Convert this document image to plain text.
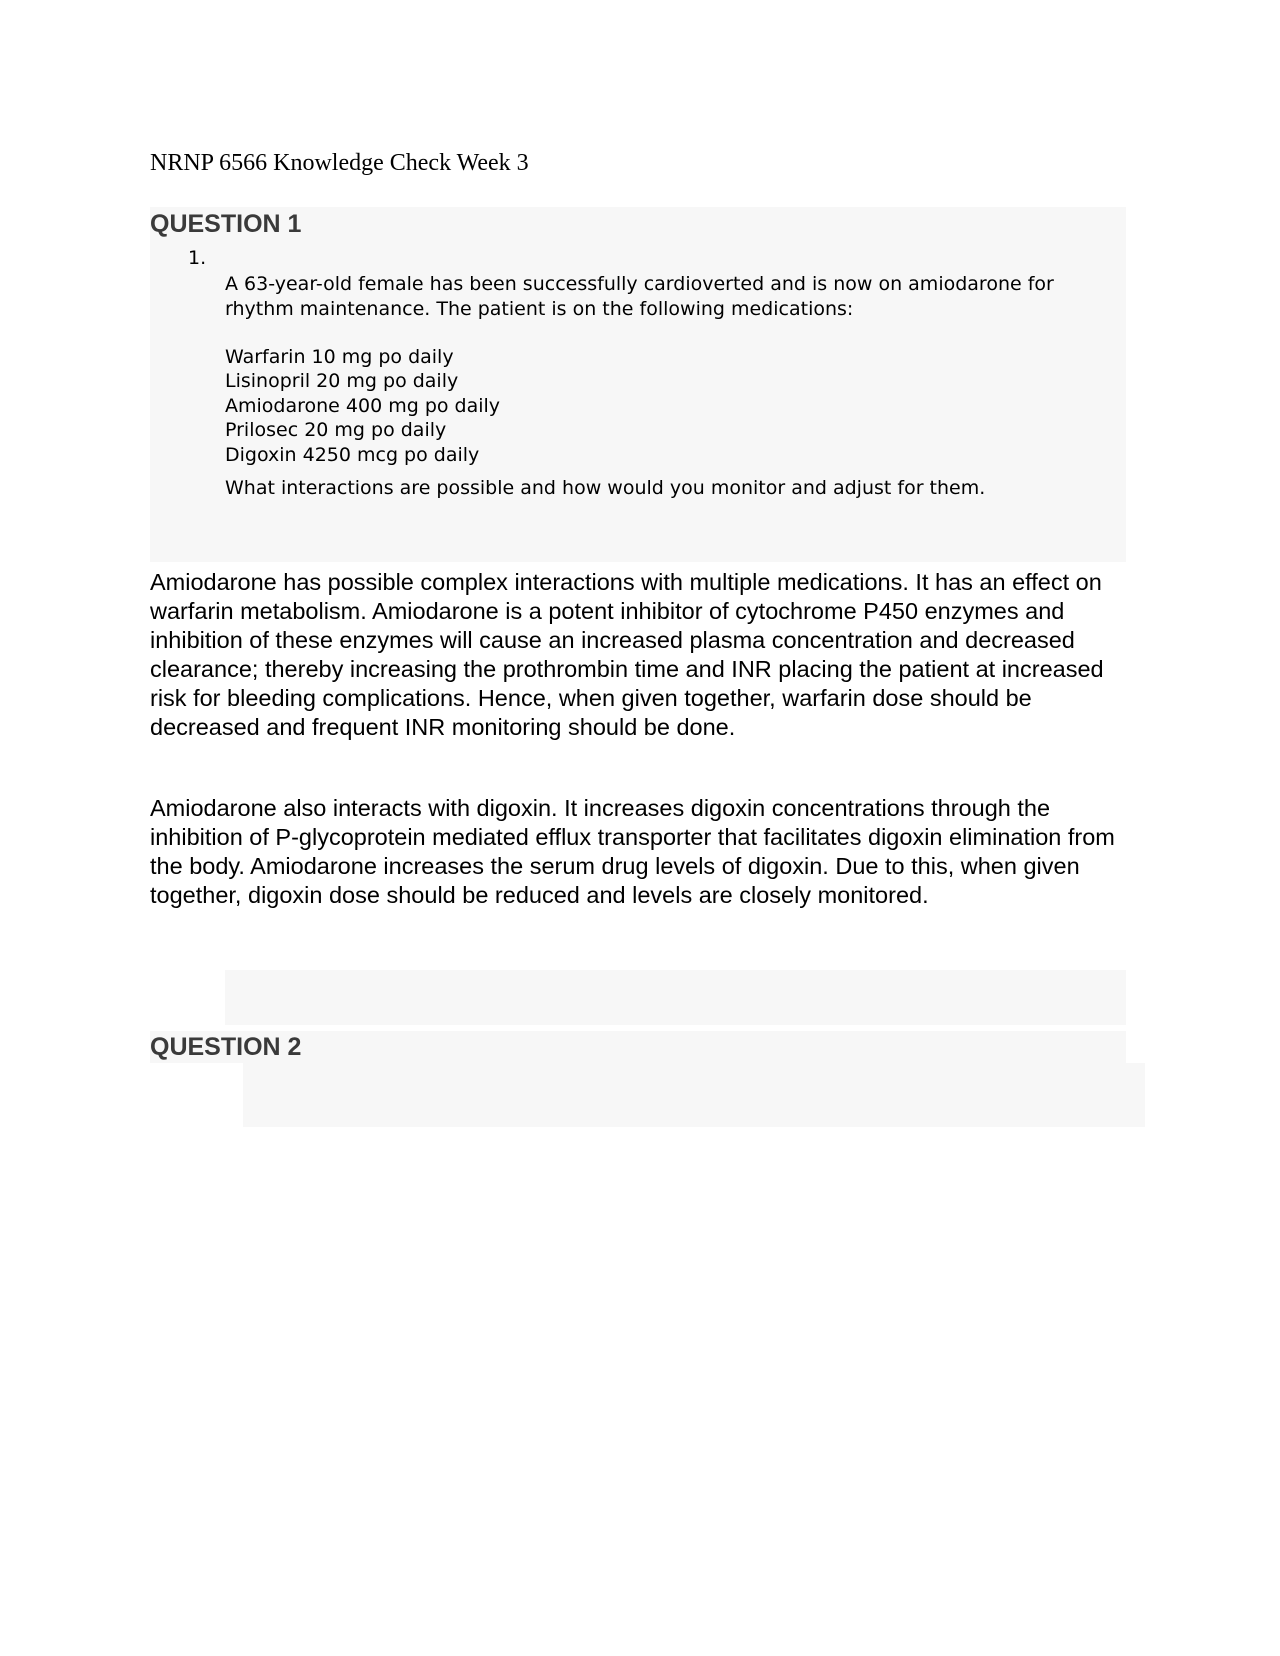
NRNP 6566 Knowledge Check Week 3
QUESTION 1
1.

A 63-year-old female has been successfully cardioverted and is now on amiodarone for rhythm maintenance. The patient is on the following medications:

Warfarin 10 mg po daily
Lisinopril 20 mg po daily
Amiodarone 400 mg po daily
Prilosec 20 mg po daily
Digoxin 4250 mcg po daily

What interactions are possible and how would you monitor and adjust for them.

Amiodarone has possible complex interactions with multiple medications. It has an effect on warfarin metabolism. Amiodarone is a potent inhibitor of cytochrome P450 enzymes and inhibition of these enzymes will cause an increased plasma concentration and decreased clearance; thereby increasing the prothrombin time and INR placing the patient at increased risk for bleeding complications. Hence, when given together, warfarin dose should be decreased and frequent INR monitoring should be done.

Amiodarone also interacts with digoxin. It increases digoxin concentrations through the inhibition of P-glycoprotein mediated efflux transporter that facilitates digoxin elimination from the body. Amiodarone increases the serum drug levels of digoxin. Due to this, when given together, digoxin dose should be reduced and levels are closely monitored.

QUESTION 2
